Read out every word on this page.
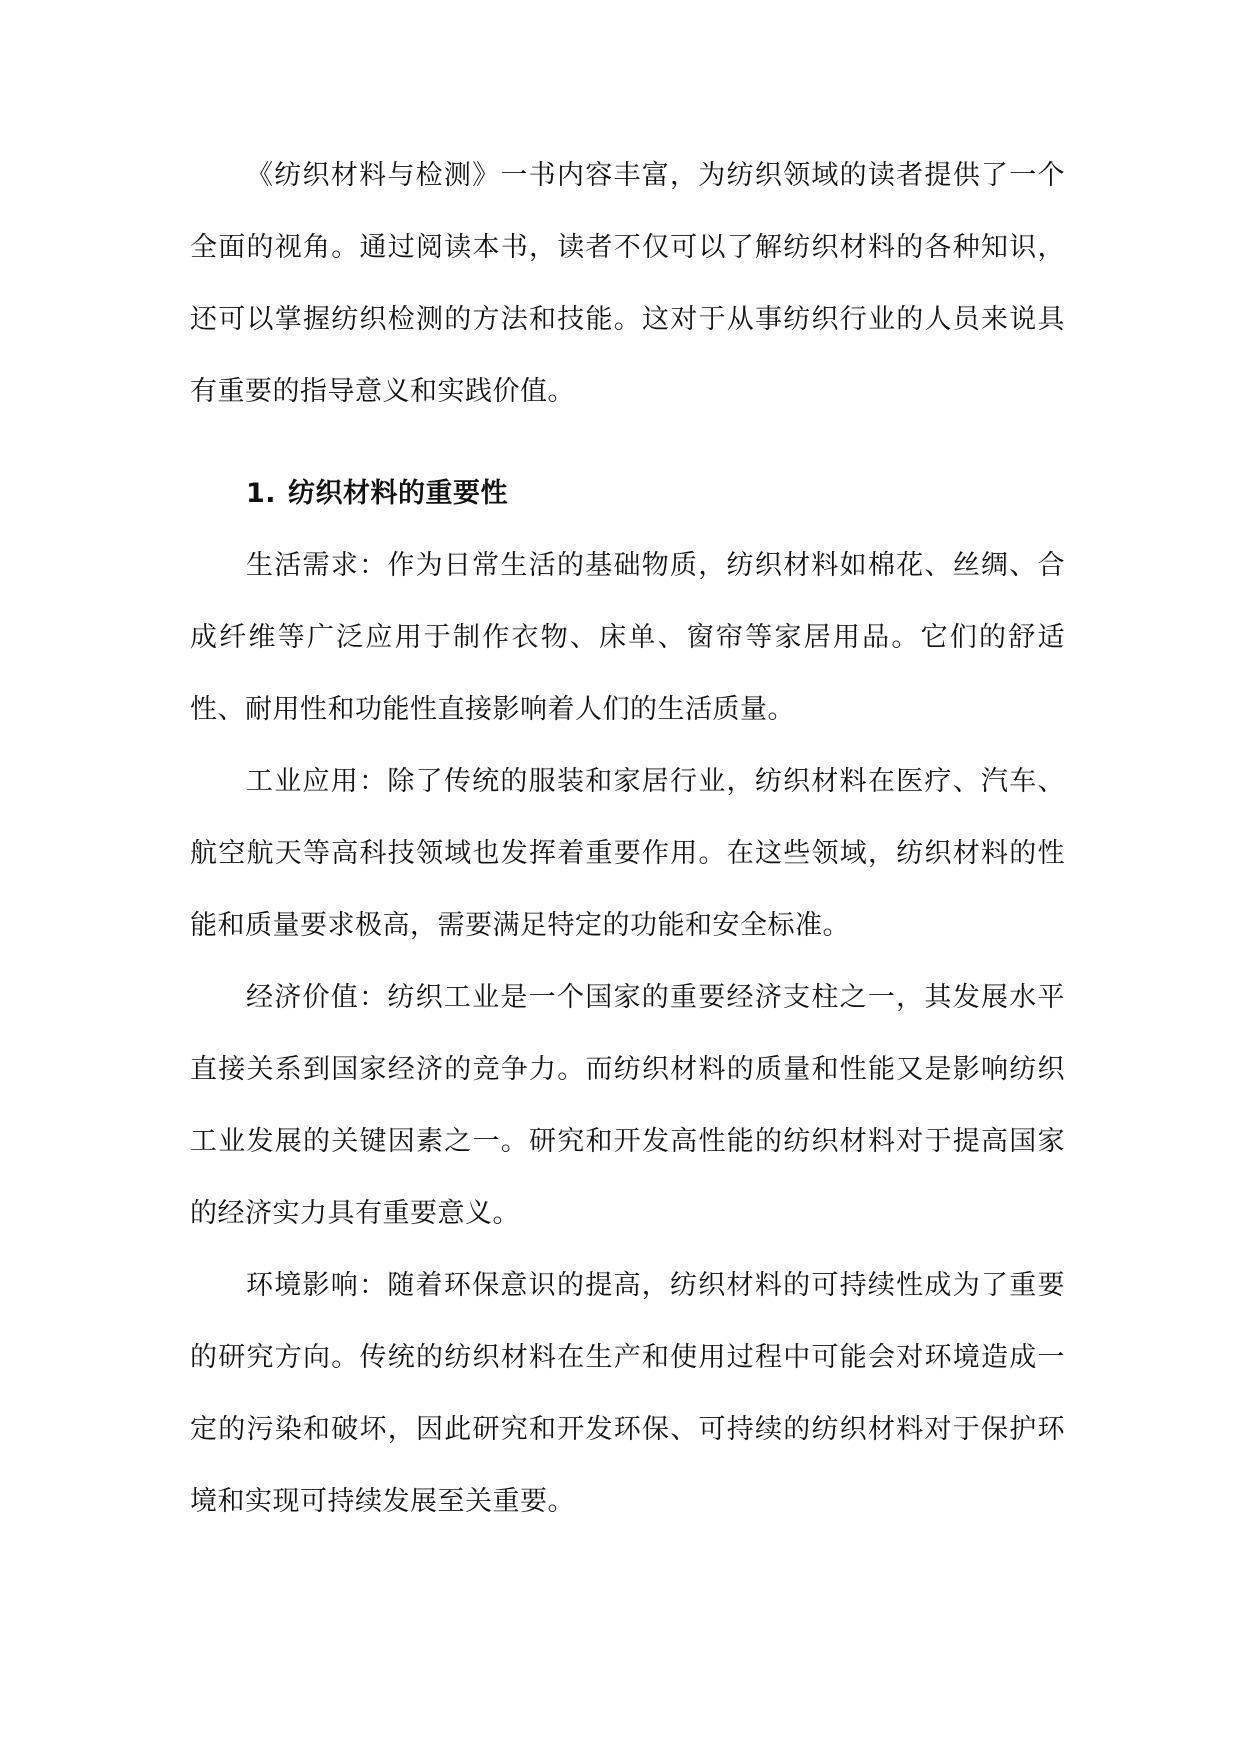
《纺织材料与检测》一书内容丰富，为纺织领域的读者提供了一个全面的视角。通过阅读本书，读者不仅可以了解纺织材料的各种知识，还可以掌握纺织检测的方法和技能。这对于从事纺织行业的人员来说具有重要的指导意义和实践价值。

1. 纺织材料的重要性

生活需求：作为日常生活的基础物质，纺织材料如棉花、丝绸、合成纤维等广泛应用于制作衣物、床单、窗帘等家居用品。它们的舒适性、耐用性和功能性直接影响着人们的生活质量。

工业应用：除了传统的服装和家居行业，纺织材料在医疗、汽车、航空航天等高科技领域也发挥着重要作用。在这些领域，纺织材料的性能和质量要求极高，需要满足特定的功能和安全标准。

经济价值：纺织工业是一个国家的重要经济支柱之一，其发展水平直接关系到国家经济的竞争力。而纺织材料的质量和性能又是影响纺织工业发展的关键因素之一。研究和开发高性能的纺织材料对于提高国家的经济实力具有重要意义。

环境影响：随着环保意识的提高，纺织材料的可持续性成为了重要的研究方向。传统的纺织材料在生产和使用过程中可能会对环境造成一定的污染和破坏，因此研究和开发环保、可持续的纺织材料对于保护环境和实现可持续发展至关重要。
